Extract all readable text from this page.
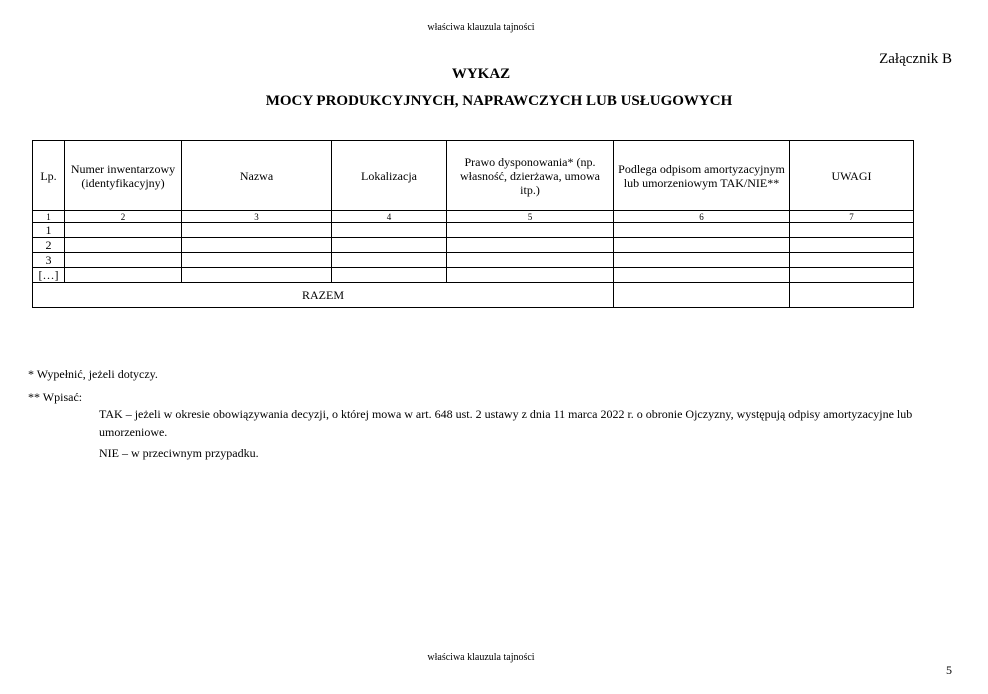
właściwa klauzula tajności
Załącznik B
WYKAZ
MOCY PRODUKCYJNYCH, NAPRAWCZYCH LUB USŁUGOWYCH
Lp.	Numer inwentarzowy (identyfikacyjny)	Nazwa	Lokalizacja	Prawo dysponowania* (np. własność, dzierżawa, umowa itp.)	Podlega odpisom amortyzacyjnym lub umorzeniowym TAK/NIE**	UWAGI
1	2	3	4	5	6	7
1						
2						
3						
[…]						
RAZEM						
* Wypełnić, jeżeli dotyczy.
** Wpisać:
TAK – jeżeli w okresie obowiązywania decyzji, o której mowa w art. 648 ust. 2 ustawy z dnia 11 marca 2022 r. o obronie Ojczyzny, występują odpisy amortyzacyjne lub umorzeniowe.
NIE – w przeciwnym przypadku.
właściwa klauzula tajności
5
